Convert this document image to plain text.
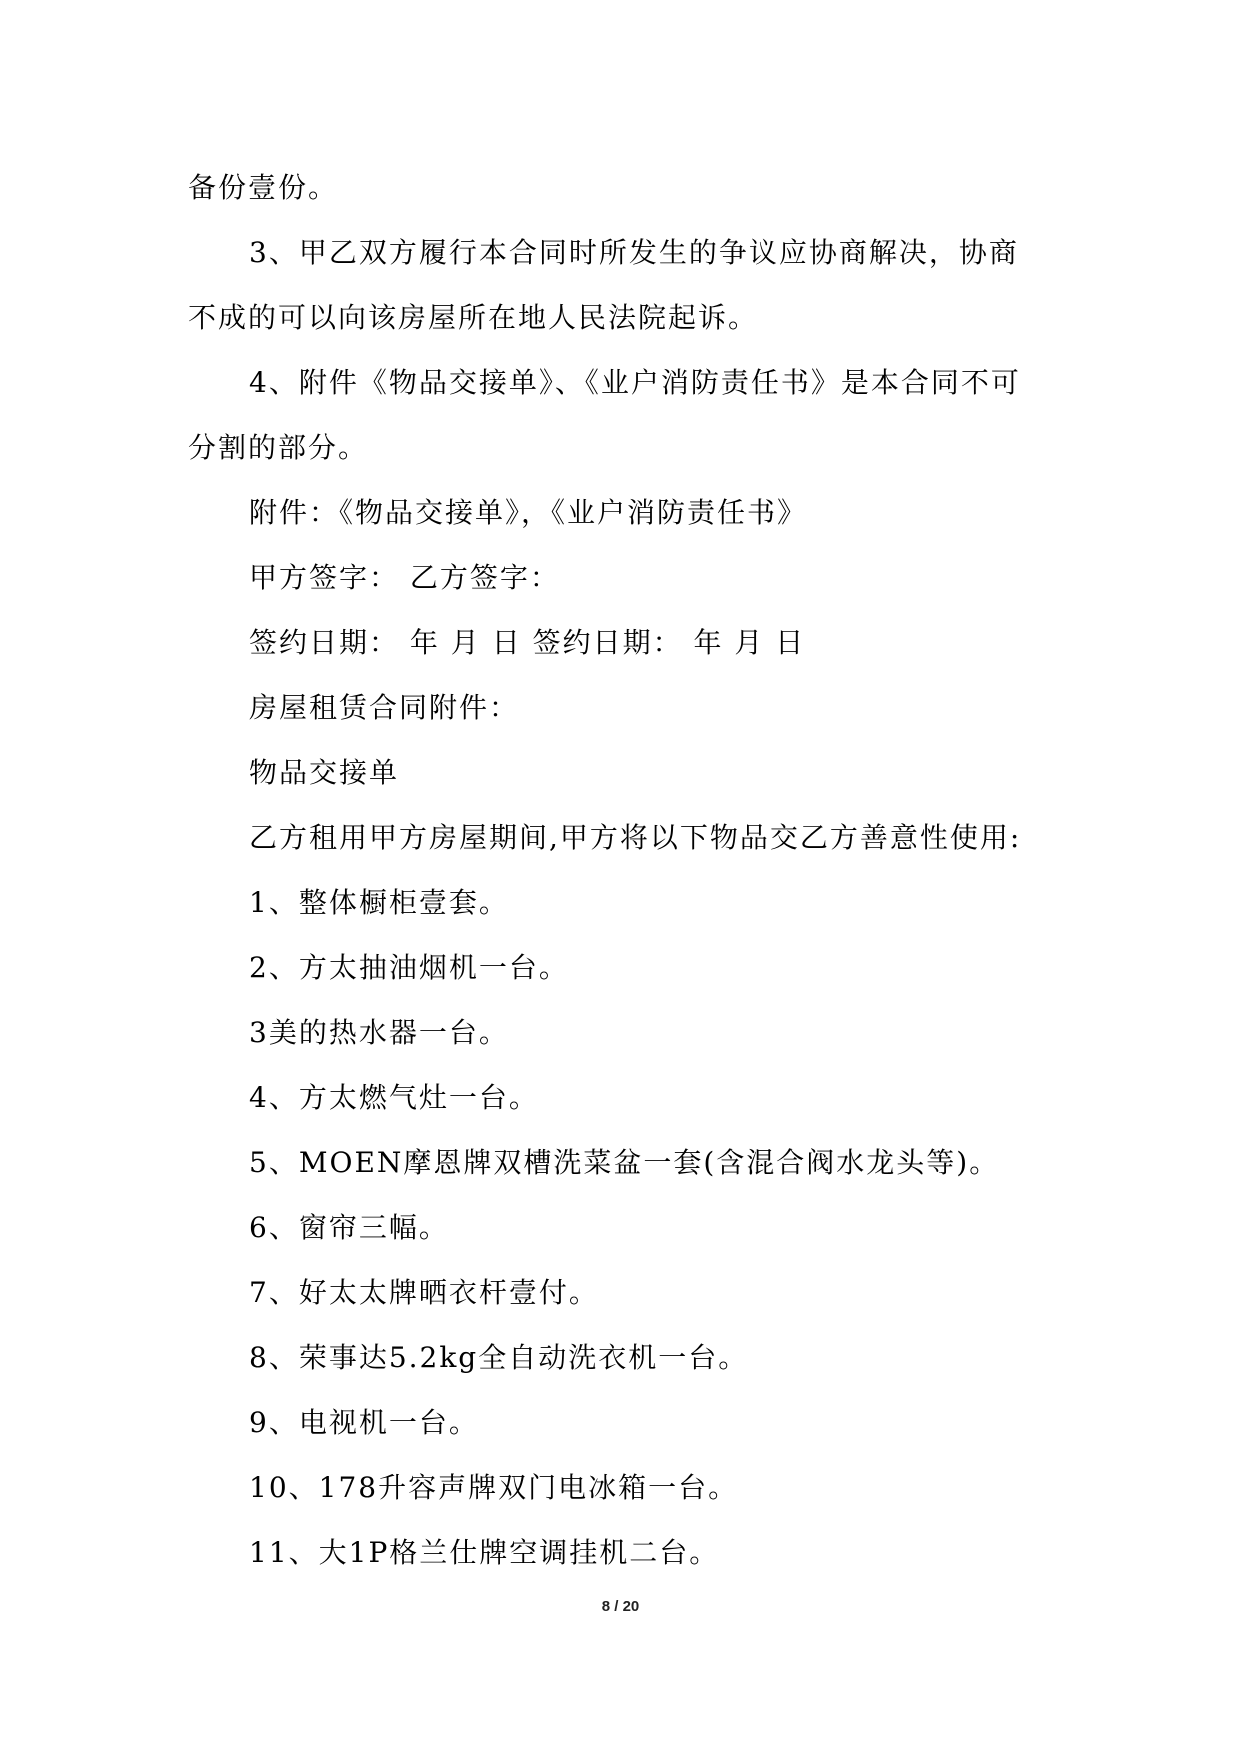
备份壹份。
3、甲乙双方履行本合同时所发生的争议应协商解决，协商
不成的可以向该房屋所在地人民法院起诉。
4、附件《物品交接单》、《业户消防责任书》是本合同不可
分割的部分。
附件：《物品交接单》，《业户消防责任书》
甲方签字： 乙方签字：
签约日期： 年 月 日 签约日期： 年 月 日
房屋租赁合同附件：
物品交接单
乙方租用甲方房屋期间,甲方将以下物品交乙方善意性使用:
1、整体橱柜壹套。
2、方太抽油烟机一台。
3美的热水器一台。
4、方太燃气灶一台。
5、MOEN摩恩牌双槽洗菜盆一套(含混合阀水龙头等)。
6、窗帘三幅。
7、好太太牌晒衣杆壹付。
8、荣事达5.2kg全自动洗衣机一台。
9、电视机一台。
10、178升容声牌双门电冰箱一台。
11、大1P格兰仕牌空调挂机二台。
8 / 20
